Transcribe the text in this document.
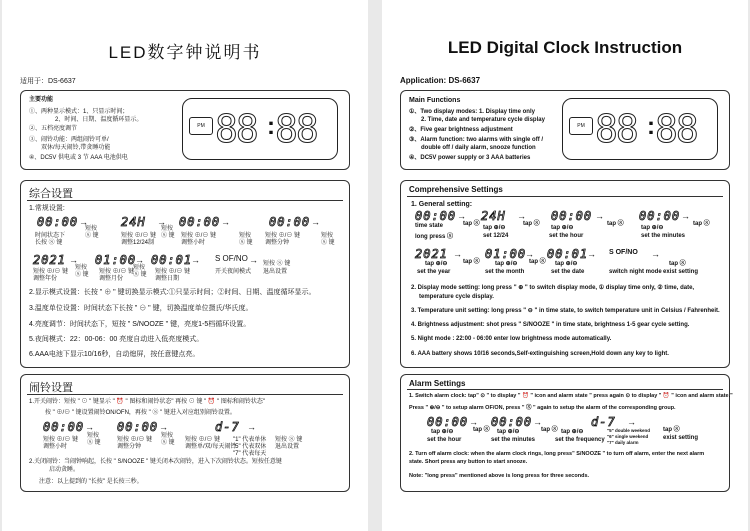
LED数字钟说明书
适用于：DS-6637
主要功能
①、两种显示模式：1、只显示时间；
2、时间、日期、温度循环显示。
②、五档亮度调节
③、闹铃功能：两组闹铃可单/
双休/每天闹铃,带贪睡功能
④、DC5V 供电或 3 节 AAA 电池供电
PM 88 : 88
综合设置
1.常规设置:
00:00 →	24H → 00:00 →	00:00 →
时间状态下
长按 Ⓢ 键
短按
Ⓢ 键	短按 ⊕/⊖ 键
调整12/24制
短按
Ⓢ 键 短按 ⊕/⊖ 键
调整小时
短按
Ⓢ 键
短按 ⊕/⊖ 键
调整分钟
短按
Ⓢ 键
2021 → 01:00
→ 00:01
→ S OF/NO →
短按 ⊕/⊖ 键
调整年份
短按
Ⓢ 键 短按 ⊕/⊖ 键
调整月份
短按
Ⓢ 键 短按 ⊕/⊖ 键
调整日期
开关夜间模式
短按 Ⓢ 键
退出设置
2.显示模式设置：长按 " ⊕ " 键切换显示模式:①只显示时间；②时间、日期、温度循环显示。
3.温度单位设置：时间状态下长按 " ⊖ " 键，切换温度单位摄氏/华氏度。
4.亮度调节：时间状态下，短按 " S/NOOZE " 键，亮度1-5档循环设置。
5.夜间模式：22：00-06：00 亮度自动进入低亮度模式。
6.AAA电池下显示10/16秒，自动熄屏，按任意键点亮。
闹铃设置
1.开关闹铃：短按 " ⊙ " 键显示 " ⏰ " 图标和闹铃状态" 再按 ⊙ 键 " ⏰ " 图标和闹铃状态"
按 " ⊕/⊖ " 键设置闹铃ON/OFN，再按 " Ⓢ " 键进入对应组别闹铃设置。
00:00 → 00:00 →	d-7 →
短按 ⊕/⊖ 键
调整小时
短按
Ⓢ 键	短按 ⊕/⊖ 键
调整分钟
短按
Ⓢ 键 短按 ⊕/⊖ 键
调整单/双/每天闹铃
"1" 代表单休
"5" 代表双休
"7" 代表每天
短按 Ⓢ 键
退出设置
2.关闭闹铃：当闹钟响起，长按 " S/NOOZE " 键关闭本次闹铃，进入下次闹铃状态。短按任意键
启动贪睡。
注意：以上提到的 "长按" 是长按三秒。
LED Digital Clock Instruction
Application: DS-6637
Main Functions
①、Two display modes: 1. Display time only
2. Time, date and temperature cycle display
②、Five gear brightness adjustment
③、Alarm function: two alarms with single off /
double off / daily alarm, snooze function
④、DC5V power supply or 3 AAA batteries
PM 88 : 88
Comprehensive Settings
1. General setting:
00:00 → 24H → 00:00 →	00:00 →
time state
long press Ⓢ
tap Ⓢ
tap ⊕/⊖
set 12/24
tap Ⓢ
tap ⊕/⊖
set the hour
tap Ⓢ
tap ⊕/⊖
set the minutes
tap Ⓢ
2021 → 01:00
→ 00:01
→ S OF/NO →
tap ⊕/⊖
set the year
tap Ⓢ	tap ⊕/⊖
set the month
tap Ⓢ tap ⊕/⊖
set the date	switch night mode
tap Ⓢ
exist setting
2. Display mode setting: long press " ⊕ " to switch display mode, ① display time only, ② time, date,
temperature cycle display.
3. Temperature unit setting: long press " ⊖ " in time state, to switch temperature unit in Celsius / Fahrenheit.
4. Brightness adjustment: shot press " S/NOOZE " in time state, brightness 1-5 gear cycle setting.
5. Night mode : 22:00 - 06:00 enter low brightness mode automatically.
6. AAA battery shows 10/16 seconds,Self-extinguishing screen,Hold down any key to light.
Alarm Settings
1. Switch alarm clock: tap" ⊙ " to display " ⏰ " icon and alarm state " press again ⊙ to display " ⏰ " icon and alarm state."
Press " ⊕/⊖ " to setup alarm OF/ON, press " Ⓢ " again to setup the alarm of the corresponding group.
00:00 → 00:00 →	d-7 →
tap ⊕/⊖
set the hour
tap Ⓢ tap ⊕/⊖
set the minutes
tap Ⓢ tap ⊕/⊖
set the frequency
"5" double weekend
"6" single weekend
"7" daily alarm
tap Ⓢ
exist setting
2. Turn off alarm clock: when the alarm clock rings, long press" S/NOOZE " to turn off alarm, enter the next alarm
state. Short press any button to start snooze.
Note: "long press" mentioned above is long press for three seconds.
